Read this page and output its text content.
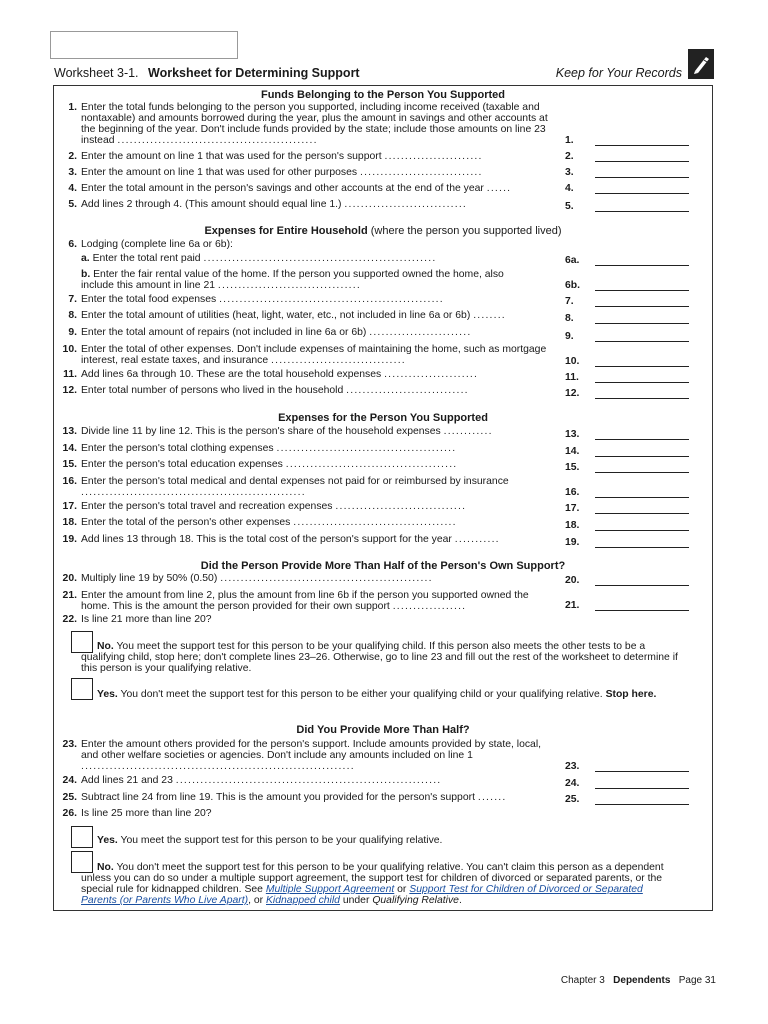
Worksheet 3-1. Worksheet for Determining Support	Keep for Your Records
Funds Belonging to the Person You Supported
1. Enter the total funds belonging to the person you supported, including income received (taxable and nontaxable) and amounts borrowed during the year, plus the amount in savings and other accounts at the beginning of the year. Don't include funds provided by the state; include those amounts on line 23 instead .................................................	1.
2. Enter the amount on line 1 that was used for the person's support ........................	2.
3. Enter the amount on line 1 that was used for other purposes ..............................	3.
4. Enter the total amount in the person's savings and other accounts at the end of the year ......	4.
5. Add lines 2 through 4. (This amount should equal line 1.) ..............................	5.
Expenses for Entire Household (where the person you supported lived)
6. Lodging (complete line 6a or 6b):
a. Enter the total rent paid .........................................................	6a.
b. Enter the fair rental value of the home. If the person you supported owned the home, also include this amount in line 21 ...................................	6b.
7. Enter the total food expenses .......................................................	7.
8. Enter the total amount of utilities (heat, light, water, etc., not included in line 6a or 6b) ........	8.
9. Enter the total amount of repairs (not included in line 6a or 6b) .........................	9.
10. Enter the total of other expenses. Don't include expenses of maintaining the home, such as mortgage interest, real estate taxes, and insurance .................................	10.
11. Add lines 6a through 10. These are the total household expenses .......................	11.
12. Enter total number of persons who lived in the household ..............................	12.
Expenses for the Person You Supported
13. Divide line 11 by line 12. This is the person's share of the household expenses ............	13.
14. Enter the person's total clothing expenses ............................................	14.
15. Enter the person's total education expenses ..........................................	15.
16. Enter the person's total medical and dental expenses not paid for or reimbursed by insurance .......................................................	16.
17. Enter the person's total travel and recreation expenses ................................	17.
18. Enter the total of the person's other expenses ........................................	18.
19. Add lines 13 through 18. This is the total cost of the person's support for the year ...........	19.
Did the Person Provide More Than Half of the Person's Own Support?
20. Multiply line 19 by 50% (0.50) ....................................................	20.
21. Enter the amount from line 2, plus the amount from line 6b if the person you supported owned the home. This is the amount the person provided for their own support ..................	21.
22. Is line 21 more than line 20?
No. You meet the support test for this person to be your qualifying child. If this person also meets the other tests to be a qualifying child, stop here; don't complete lines 23–26. Otherwise, go to line 23 and fill out the rest of the worksheet to determine if this person is your qualifying relative.
Yes. You don't meet the support test for this person to be either your qualifying child or your qualifying relative. Stop here.
Did You Provide More Than Half?
23. Enter the amount others provided for the person's support. Include amounts provided by state, local, and other welfare societies or agencies. Don't include any amounts included on line 1 ...................................................................	23.
24. Add lines 21 and 23 .................................................................	24.
25. Subtract line 24 from line 19. This is the amount you provided for the person's support .......	25.
26. Is line 25 more than line 20?
Yes. You meet the support test for this person to be your qualifying relative.
No. You don't meet the support test for this person to be your qualifying relative. You can't claim this person as a dependent unless you can do so under a multiple support agreement, the support test for children of divorced or separated parents, or the special rule for kidnapped children. See Multiple Support Agreement or Support Test for Children of Divorced or Separated Parents (or Parents Who Live Apart), or Kidnapped child under Qualifying Relative.
Chapter 3 Dependents Page 31
